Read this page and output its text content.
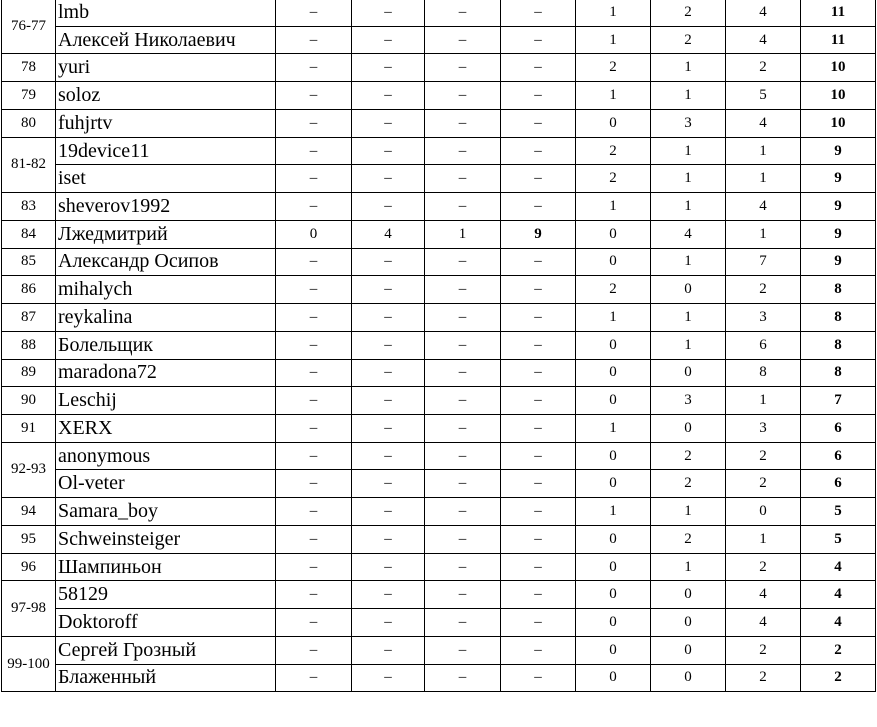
76-77	lmb	–	–	–	–	1	2	4	11
	Алексей Николаевич	–	–	–	–	1	2	4	11
78	yuri	–	–	–	–	2	1	2	10
79	soloz	–	–	–	–	1	1	5	10
80	fuhjrtv	–	–	–	–	0	3	4	10
81-82	19device11	–	–	–	–	2	1	1	9
	iset	–	–	–	–	2	1	1	9
83	sheverov1992	–	–	–	–	1	1	4	9
84	Лжедмитрий	0	4	1	9	0	4	1	9
85	Александр Осипов	–	–	–	–	0	1	7	9
86	mihalych	–	–	–	–	2	0	2	8
87	reykalina	–	–	–	–	1	1	3	8
88	Болельщик	–	–	–	–	0	1	6	8
89	maradona72	–	–	–	–	0	0	8	8
90	Leschij	–	–	–	–	0	3	1	7
91	XERX	–	–	–	–	1	0	3	6
92-93	anonymous	–	–	–	–	0	2	2	6
	Ol-veter	–	–	–	–	0	2	2	6
94	Samara_boy	–	–	–	–	1	1	0	5
95	Schweinsteiger	–	–	–	–	0	2	1	5
96	Шампиньон	–	–	–	–	0	1	2	4
97-98	58129	–	–	–	–	0	0	4	4
	Doktoroff	–	–	–	–	0	0	4	4
99-100	Сергей Грозный	–	–	–	–	0	0	2	2
	Блаженный	–	–	–	–	0	0	2	2
